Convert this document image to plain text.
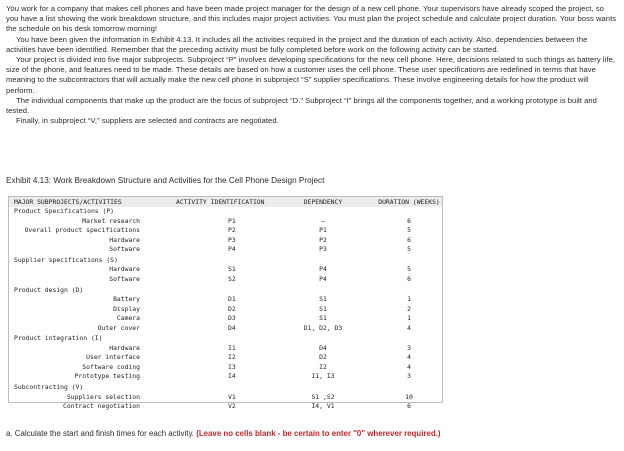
You work for a company that makes cell phones and have been made project manager for the design of a new cell phone. Your supervisors have already scoped the project, so you have a list showing the work breakdown structure, and this includes major project activities. You must plan the project schedule and calculate project duration. Your boss wants the schedule on his desk tomorrow morning!

You have been given the information in Exhibit 4.13. It includes all the activities required in the project and the duration of each activity. Also, dependencies between the activities have been identified. Remember that the preceding activity must be fully completed before work on the following activity can be started.

Your project is divided into five major subprojects. Subproject “P” involves developing specifications for the new cell phone. Here, decisions related to such things as battery life, size of the phone, and features need to be made. These details are based on how a customer uses the cell phone. These user specifications are redefined in terms that have meaning to the subcontractors that will actually make the new cell phone in subproject “S” supplier specifications. These involve engineering details for how the product will perform.

The individual components that make up the product are the focus of subproject “D.” Subproject “I” brings all the components together, and a working prototype is built and tested.

Finally, in subproject “V,” suppliers are selected and contracts are negotiated.

Exhibit 4.13: Work Breakdown Structure and Activities for the Cell Phone Design Project
MAJOR SUBPROJECTS/ACTIVITIES	ACTIVITY IDENTIFICATION	DEPENDENCY	DURATION (WEEKS)
Product Specifications (P)
Market research	P1	–	6
Overall product specifications	P2	P1	5
Hardware	P3	P2	6
Software	P4	P3	5
Supplier specifications (S)
Hardware	S1	P4	5
Software	S2	P4	6
Product design (D)
Battery	D1	S1	1
Display	D2	S1	2
Camera	D3	S1	1
Outer cover	D4	D1, D2, D3	4
Product integration (I)
Hardware	I1	D4	3
User interface	I2	D2	4
Software coding	I3	I2	4
Prototype testing	I4	I1, I3	3
Subcontracting (V)
Suppliers selection	V1	S1 ,S2	10
Contract negotiation	V2	I4, V1	6
a. Calculate the start and finish times for each activity. (Leave no cells blank - be certain to enter "0" wherever required.)
